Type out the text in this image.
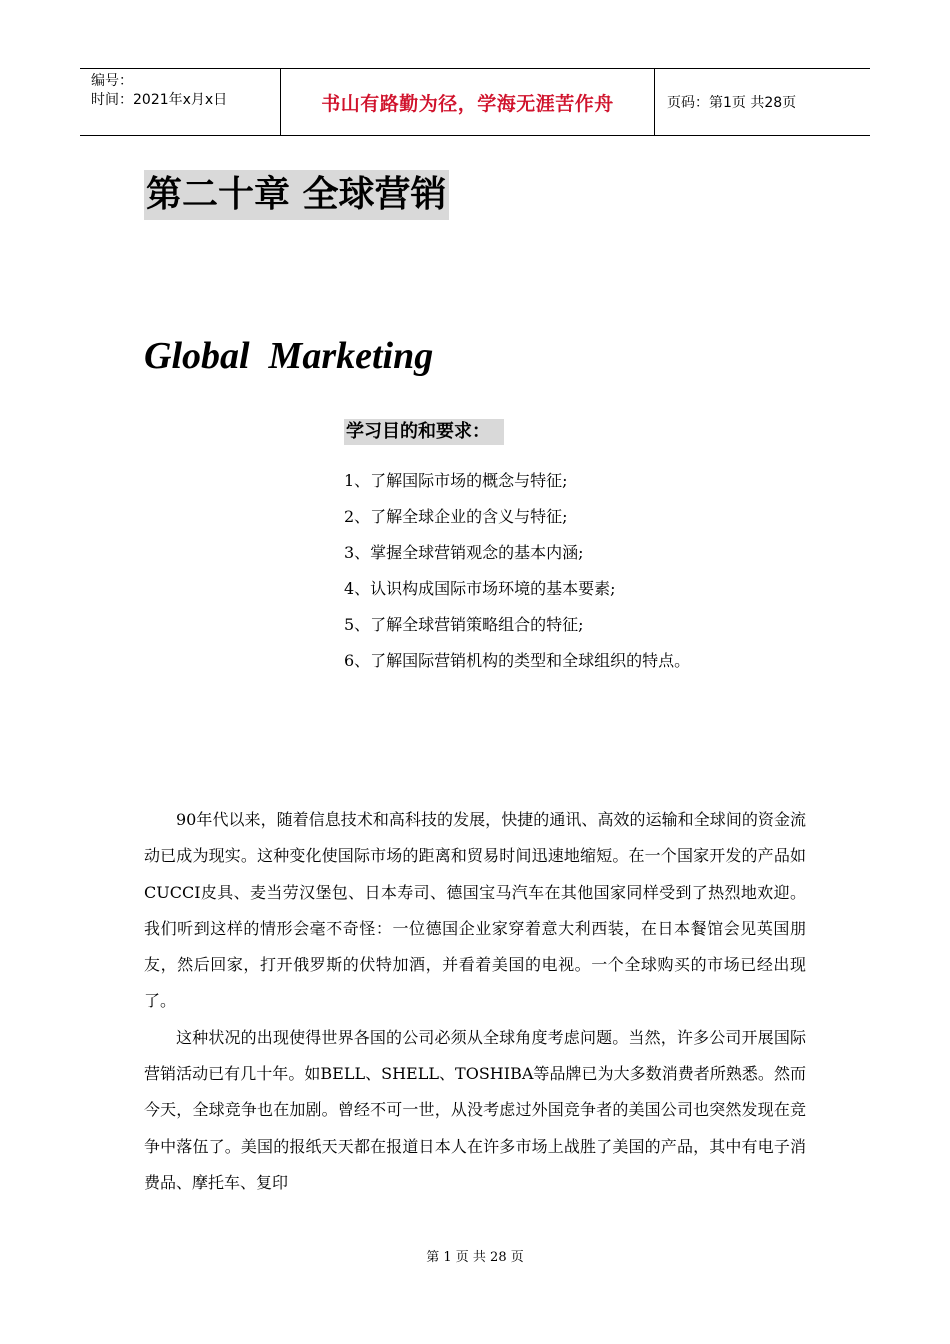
编号：
时间：2021年x月x日	书山有路勤为径，学海无涯苦作舟	页码：第1页 共28页
第二十章 全球营销
Global  Marketing
学习目的和要求：
1、了解国际市场的概念与特征;
2、了解全球企业的含义与特征;
3、掌握全球营销观念的基本内涵;
4、认识构成国际市场环境的基本要素;
5、了解全球营销策略组合的特征;
6、了解国际营销机构的类型和全球组织的特点。

90年代以来，随着信息技术和高科技的发展，快捷的通讯、高效的运输和全球间的资金流动已成为现实。这种变化使国际市场的距离和贸易时间迅速地缩短。在一个国家开发的产品如CUCCI皮具、麦当劳汉堡包、日本寿司、德国宝马汽车在其他国家同样受到了热烈地欢迎。我们听到这样的情形会毫不奇怪：一位德国企业家穿着意大利西装，在日本餐馆会见英国朋友，然后回家，打开俄罗斯的伏特加酒，并看着美国的电视。一个全球购买的市场已经出现了。

这种状况的出现使得世界各国的公司必须从全球角度考虑问题。当然，许多公司开展国际营销活动已有几十年。如BELL、SHELL、TOSHIBA等品牌已为大多数消费者所熟悉。然而今天，全球竞争也在加剧。曾经不可一世，从没考虑过外国竞争者的美国公司也突然发现在竞争中落伍了。美国的报纸天天都在报道日本人在许多市场上战胜了美国的产品，其中有电子消费品、摩托车、复印

第 1 页 共 28 页
